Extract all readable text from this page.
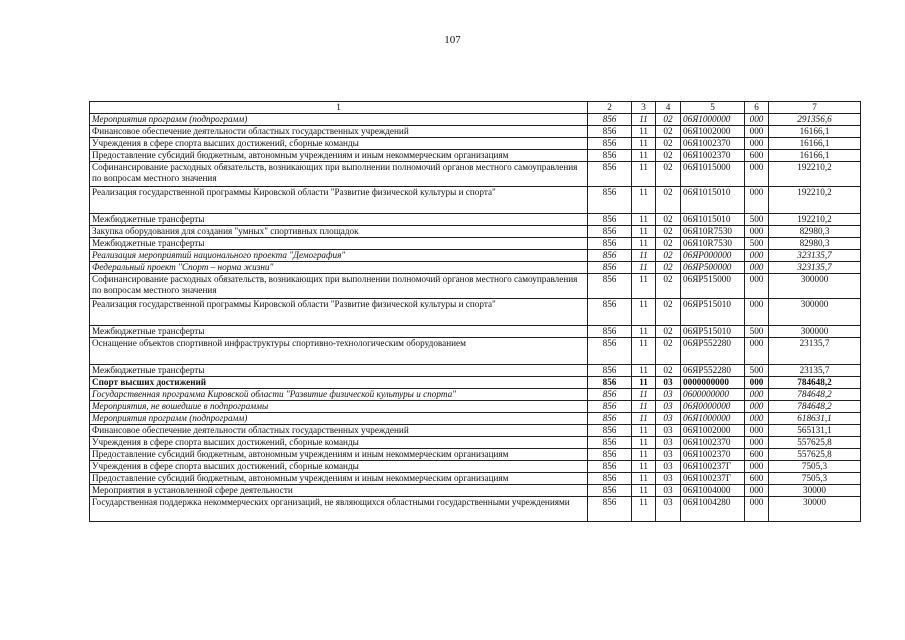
107
1	2	3	4	5	6	7
Мероприятия программ (подпрограмм)	856	11	02	06Я1000000	000	291356,6
Финансовое обеспечение деятельности областных государственных учреждений	856	11	02	06Я1002000	000	16166,1
Учреждения в сфере спорта высших достижений, сборные команды	856	11	02	06Я1002370	000	16166,1
Предоставление субсидий бюджетным, автономным учреждениям и иным некоммерческим организациям	856	11	02	06Я1002370	600	16166,1
Софинансирование расходных обязательств, возникающих при выполнении полномочий органов местного самоуправления по вопросам местного значения	856	11	02	06Я1015000	000	192210,2
Реализация государственной программы Кировской области "Развитие физической культуры и спорта"	856	11	02	06Я1015010	000	192210,2
Межбюджетные трансферты	856	11	02	06Я1015010	500	192210,2
Закупка оборудования для создания "умных" спортивных площадок	856	11	02	06Я10R7530	000	82980,3
Межбюджетные трансферты	856	11	02	06Я10R7530	500	82980,3
Реализация мероприятий национального проекта "Демография"	856	11	02	06ЯP000000	000	323135,7
Федеральный проект "Спорт – норма жизни"	856	11	02	06ЯP500000	000	323135,7
Софинансирование расходных обязательств, возникающих при выполнении полномочий органов местного самоуправления по вопросам местного значения	856	11	02	06ЯP515000	000	300000
Реализация государственной программы Кировской области "Развитие физической культуры и спорта"	856	11	02	06ЯP515010	000	300000
Межбюджетные трансферты	856	11	02	06ЯP515010	500	300000
Оснащение объектов спортивной инфраструктуры спортивно-технологическим оборудованием	856	11	02	06ЯP552280	000	23135,7
Межбюджетные трансферты	856	11	02	06ЯP552280	500	23135,7
Спорт высших достижений	856	11	03	0000000000	000	784648,2
Государственная программа Кировской области "Развитие физической культуры и спорта"	856	11	03	0600000000	000	784648,2
Мероприятия, не вошедшие в подпрограммы	856	11	03	06Я0000000	000	784648,2
Мероприятия программ (подпрограмм)	856	11	03	06Я1000000	000	618631,1
Финансовое обеспечение деятельности областных государственных учреждений	856	11	03	06Я1002000	000	565131,1
Учреждения в сфере спорта высших достижений, сборные команды	856	11	03	06Я1002370	000	557625,8
Предоставление субсидий бюджетным, автономным учреждениям и иным некоммерческим организациям	856	11	03	06Я1002370	600	557625,8
Учреждения в сфере спорта высших достижений, сборные команды	856	11	03	06Я100237Г	000	7505,3
Предоставление субсидий бюджетным, автономным учреждениям и иным некоммерческим организациям	856	11	03	06Я100237Г	600	7505,3
Мероприятия в установленной сфере деятельности	856	11	03	06Я1004000	000	30000
Государственная поддержка некоммерческих организаций, не являющихся областными государственными учреждениями	856	11	03	06Я1004280	000	30000
